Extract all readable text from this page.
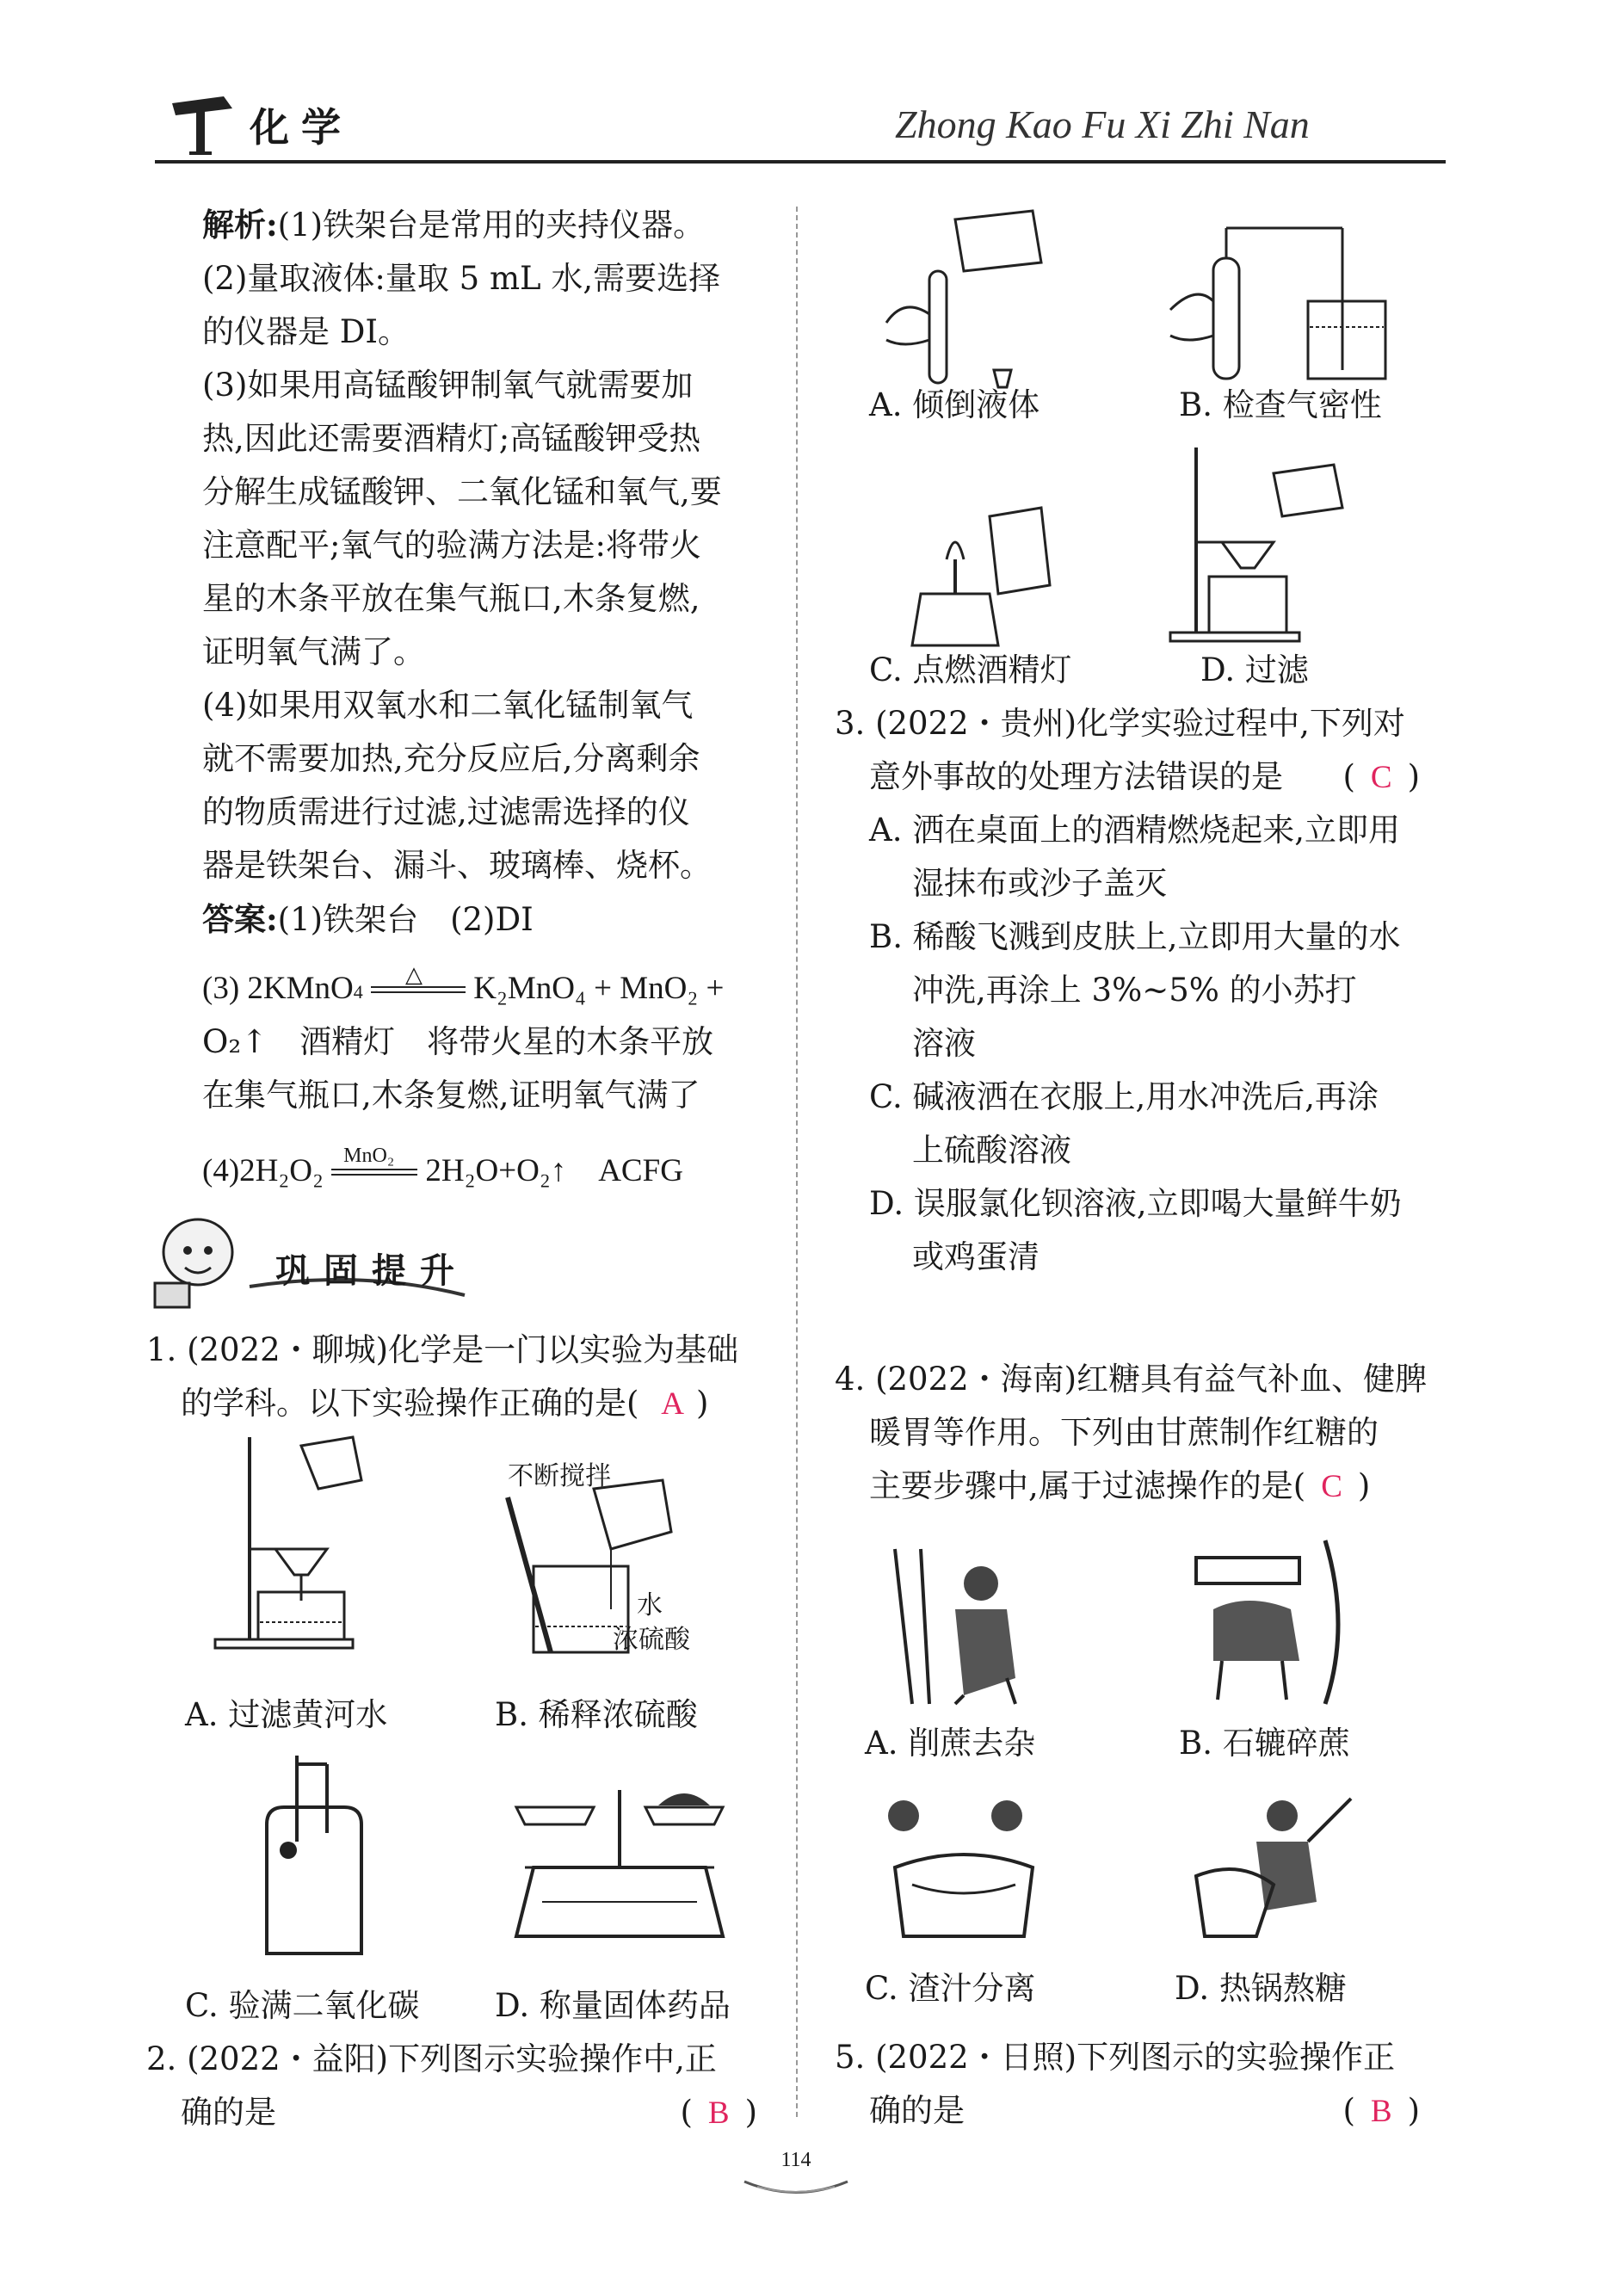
化学	Zhong Kao Fu Xi Zhi Nan
解析:(1)铁架台是常用的夹持仪器。
(2)量取液体:量取 5 mL 水,需要选择
的仪器是 DI。
(3)如果用高锰酸钾制氧气就需要加
热,因此还需要酒精灯;高锰酸钾受热
分解生成锰酸钾、二氧化锰和氧气,要
注意配平;氧气的验满方法是:将带火
星的木条平放在集气瓶口,木条复燃,
证明氧气满了。
(4)如果用双氧水和二氧化锰制氧气
就不需要加热,充分反应后,分离剩余
的物质需进行过滤,过滤需选择的仪
器是铁架台、漏斗、玻璃棒、烧杯。
答案:(1)铁架台　(2)DI
(3) 2KMnO4
△ K₂MnO₄ + MnO₂ +
O₂↑　酒精灯　将带火星的木条平放
在集气瓶口,木条复燃,证明氧气满了
(4)2H₂O₂ MnO₂ 2H₂O+O₂↑　ACFG
巩固提升
1. (2022・聊城)化学是一门以实验为基础
的学科。以下实验操作正确的是( A )
不断搅拌
水
浓硫酸
A. 过滤黄河水	B. 稀释浓硫酸
C. 验满二氧化碳 D. 称量固体药品
2. (2022・益阳)下列图示实验操作中,正
确的是	( B )
A. 倾倒液体	B. 检查气密性
C. 点燃酒精灯	D. 过滤
3. (2022・贵州)化学实验过程中,下列对
意外事故的处理方法错误的是 ( C )
A. 洒在桌面上的酒精燃烧起来,立即用
湿抹布或沙子盖灭
B. 稀酸飞溅到皮肤上,立即用大量的水
冲洗,再涂上 3%~5% 的小苏打
溶液
C. 碱液洒在衣服上,用水冲洗后,再涂
上硫酸溶液
D. 误服氯化钡溶液,立即喝大量鲜牛奶
或鸡蛋清
4. (2022・海南)红糖具有益气补血、健脾
暖胃等作用。下列由甘蔗制作红糖的
主要步骤中,属于过滤操作的是( C )
A. 削蔗去杂	B. 石辘碎蔗
C. 渣汁分离	D. 热锅熬糖
5. (2022・日照)下列图示的实验操作正
确的是	( B )
114
